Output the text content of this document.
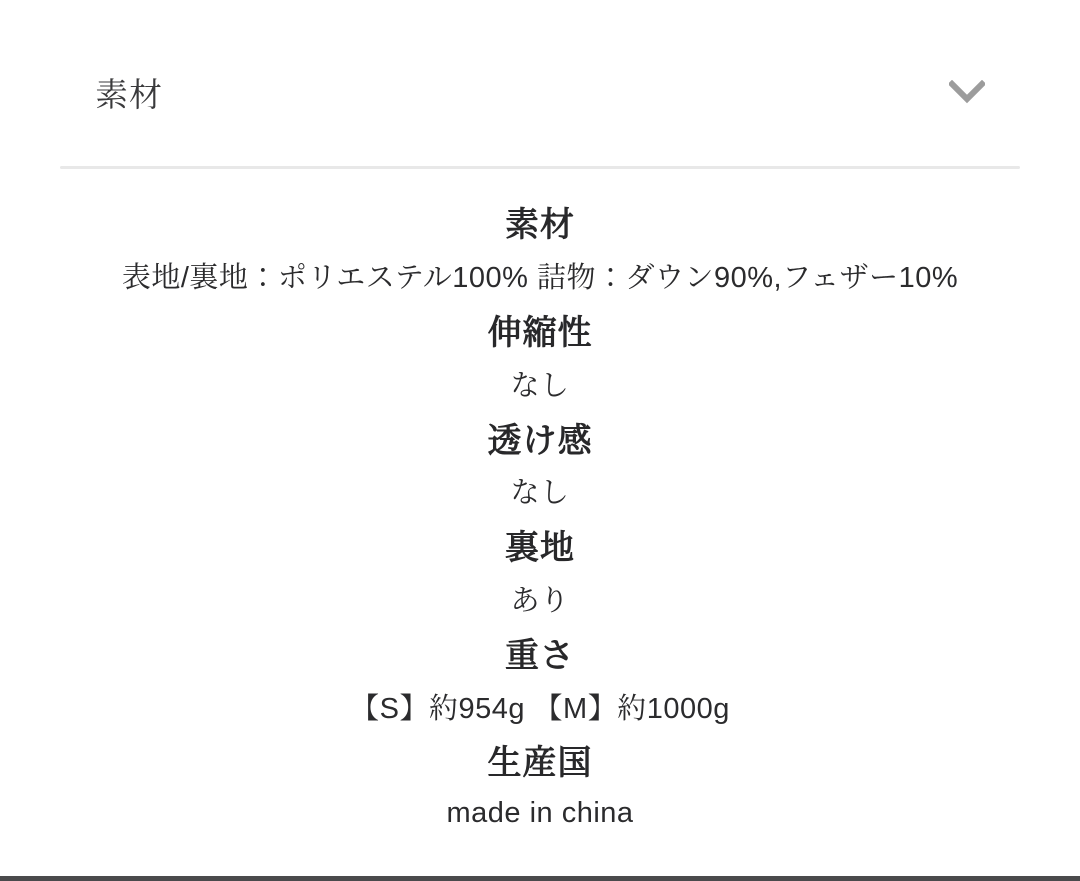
素材
素材
表地/裏地：ポリエステル100% 詰物：ダウン90%,フェザー10%
伸縮性
なし
透け感
なし
裏地
あり
重さ
【S】約954g 【M】約1000g
生産国
made in china
